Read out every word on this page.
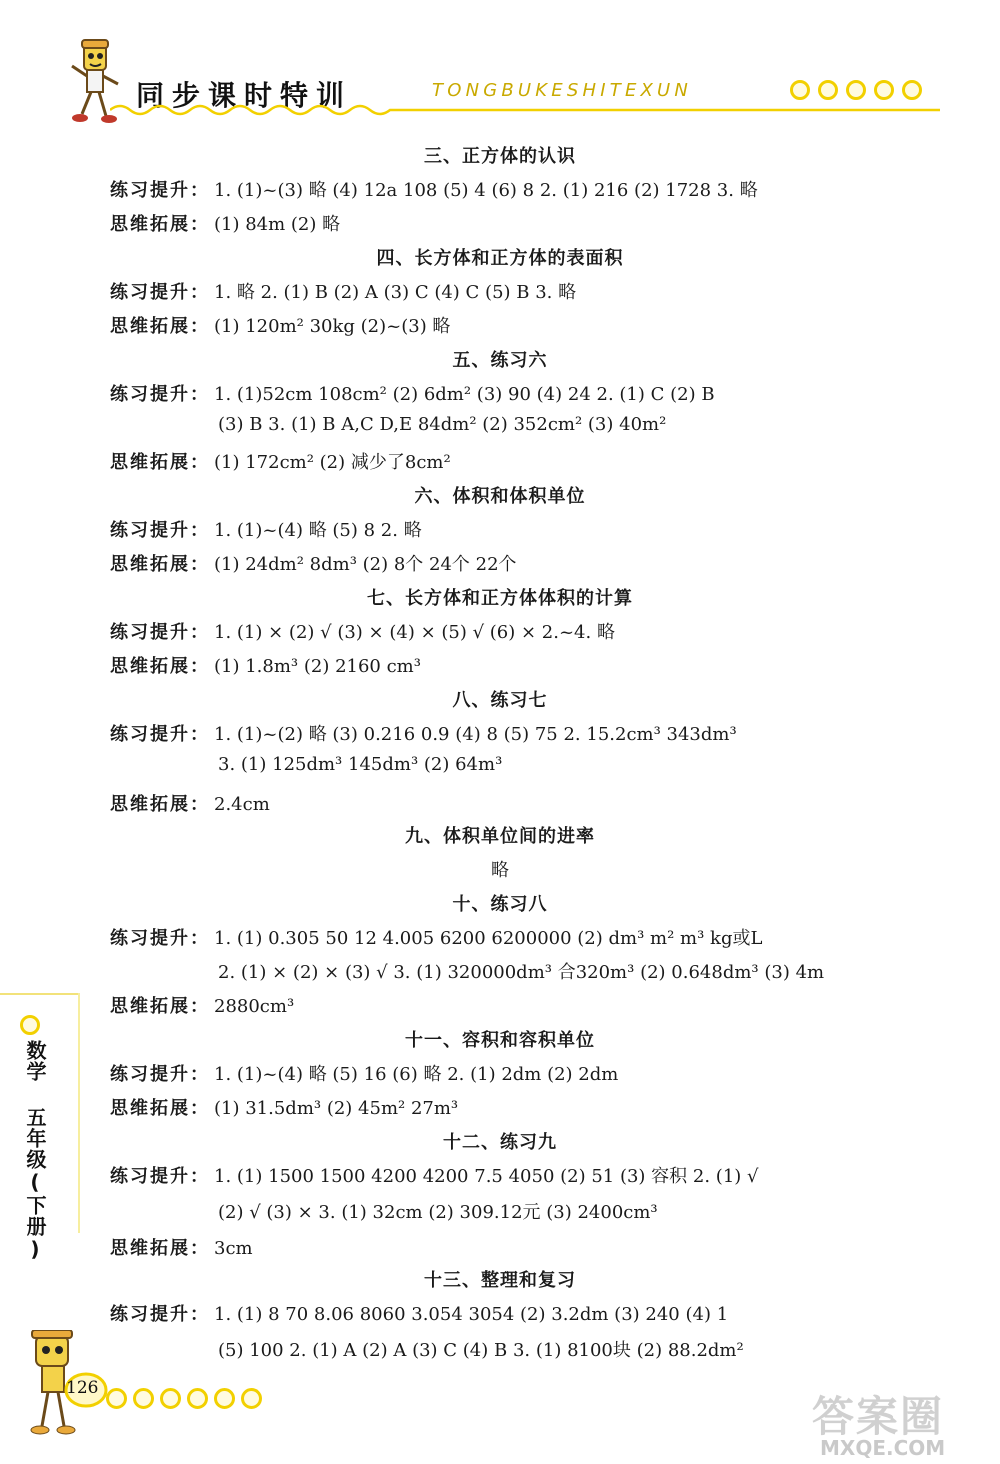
同步课时特训	TONGBUKESHITEXUN
三、正方体的认识
练习提升： 1. (1)~(3) 略 (4) 12a 108 (5) 4 (6) 8 2. (1) 216 (2) 1728 3. 略
思维拓展： (1) 84m (2) 略
四、长方体和正方体的表面积
练习提升： 1. 略 2. (1) B (2) A (3) C (4) C (5) B 3. 略
思维拓展： (1) 120m² 30kg (2)~(3) 略
五、练习六
练习提升： 1. (1)52cm 108cm² (2) 6dm² (3) 90 (4) 24 2. (1) C (2) B
(3) B 3. (1) B A,C D,E 84dm² (2) 352cm² (3) 40m²
思维拓展： (1) 172cm² (2) 减少了8cm²
六、体积和体积单位
练习提升： 1. (1)~(4) 略 (5) 8 2. 略
思维拓展： (1) 24dm² 8dm³ (2) 8个 24个 22个
七、长方体和正方体体积的计算
练习提升： 1. (1) × (2) √ (3) × (4) × (5) √ (6) × 2.~4. 略
思维拓展： (1) 1.8m³ (2) 2160 cm³
八、练习七
练习提升： 1. (1)~(2) 略 (3) 0.216 0.9 (4) 8 (5) 75 2. 15.2cm³ 343dm³
3. (1) 125dm³ 145dm³ (2) 64m³
思维拓展： 2.4cm
九、体积单位间的进率
略
十、练习八
练习提升： 1. (1) 0.305 50 12 4.005 6200 6200000 (2) dm³ m² m³ kg或L
2. (1) × (2) × (3) √ 3. (1) 320000dm³ 合320m³ (2) 0.648dm³ (3) 4m
思维拓展： 2880cm³
十一、容积和容积单位
练习提升： 1. (1)~(4) 略 (5) 16 (6) 略 2. (1) 2dm (2) 2dm
思维拓展： (1) 31.5dm³ (2) 45m² 27m³
十二、练习九
练习提升： 1. (1) 1500 1500 4200 4200 7.5 4050 (2) 51 (3) 容积 2. (1) √
(2) √ (3) × 3. (1) 32cm (2) 309.12元 (3) 2400cm³
思维拓展： 3cm
十三、整理和复习
练习提升： 1. (1) 8 70 8.06 8060 3.054 3054 (2) 3.2dm (3) 240 (4) 1
(5) 100 2. (1) A (2) A (3) C (4) B 3. (1) 8100块 (2) 88.2dm²
数学 五年级(下册)
126
答案圈
MXQE.COM
